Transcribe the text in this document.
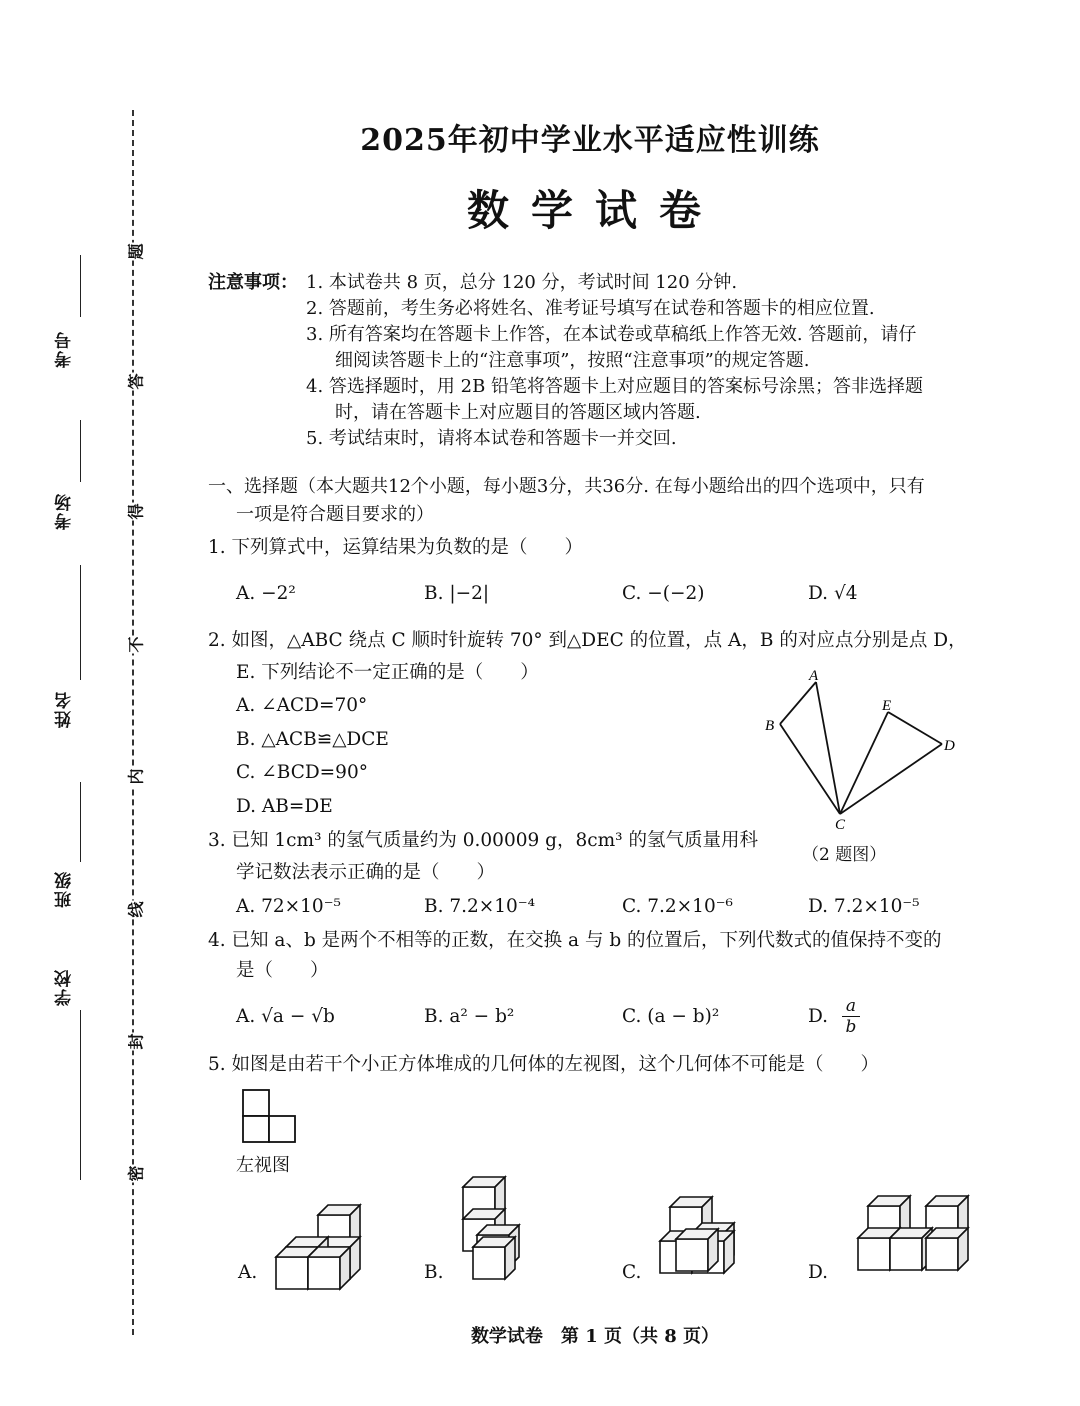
题
答
得
不
内
线
封
密
考号
考场
姓名
班级
学校
2025年初中学业水平适应性训练
数学试卷
注意事项： 1. 本试卷共 8 页，总分 120 分，考试时间 120 分钟.
2. 答题前，考生务必将姓名、准考证号填写在试卷和答题卡的相应位置.
3. 所有答案均在答题卡上作答，在本试卷或草稿纸上作答无效. 答题前，请仔
细阅读答题卡上的“注意事项”，按照“注意事项”的规定答题.
4. 答选择题时，用 2B 铅笔将答题卡上对应题目的答案标号涂黑；答非选择题
时，请在答题卡上对应题目的答题区域内答题.
5. 考试结束时，请将本试卷和答题卡一并交回.
一、选择题（本大题共12个小题，每小题3分，共36分. 在每小题给出的四个选项中，只有
一项是符合题目要求的）
1. 下列算式中，运算结果为负数的是（　　）
A. −2²	B. |−2|	C. −(−2)	D. √4
2. 如图，△ABC 绕点 C 顺时针旋转 70° 到△DEC 的位置，点 A，B 的对应点分别是点 D，
E. 下列结论不一定正确的是（　　）
A. ∠ACD=70°
B. △ACB≌△DCE
C. ∠BCD=90°
D. AB=DE
A
B
C
D
E
（2 题图）
3. 已知 1cm³ 的氢气质量约为 0.00009 g，8cm³ 的氢气质量用科
学记数法表示正确的是（　　）
A. 72×10⁻⁵	B. 7.2×10⁻⁴	C. 7.2×10⁻⁶	D. 7.2×10⁻⁵
4. 已知 a、b 是两个不相等的正数，在交换 a 与 b 的位置后，下列代数式的值保持不变的
是（　　）
A. √a − √b	B. a² − b²	C. (a − b)²	D. $\frac{a}{b}$
5. 如图是由若干个小正方体堆成的几何体的左视图，这个几何体不可能是（　　）
左视图
A.	B.	C.	D.
数学试卷　第 1 页（共 8 页）
